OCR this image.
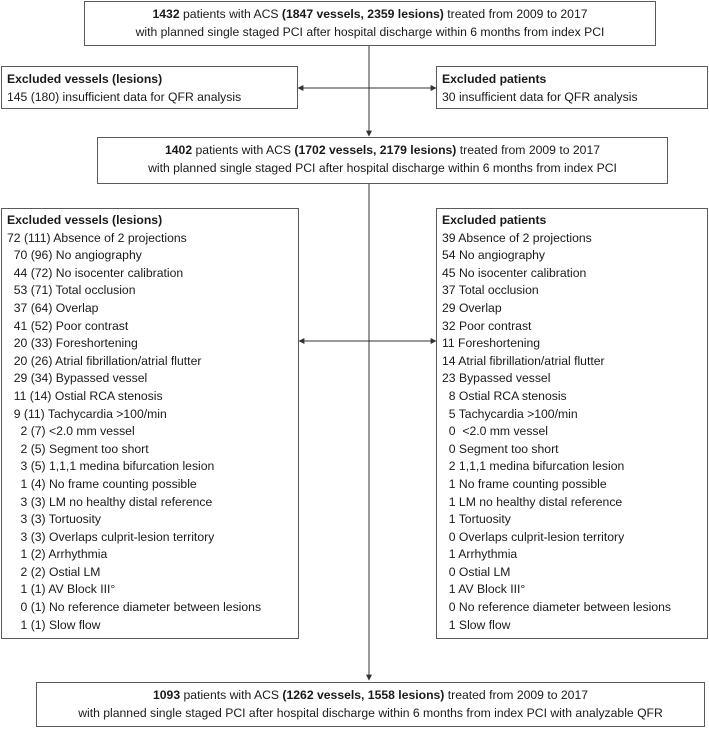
1432 patients with ACS (1847 vessels, 2359 lesions) treated from 2009 to 2017
with planned single staged PCI after hospital discharge within 6 months from index PCI
Excluded vessels (lesions)
145 (180) insufficient data for QFR analysis
Excluded patients
30 insufficient data for QFR analysis
1402 patients with ACS (1702 vessels, 2179 lesions) treated from 2009 to 2017
with planned single staged PCI after hospital discharge within 6 months from index PCI
Excluded vessels (lesions)
72 (111) Absence of 2 projections
70 (96) No angiography
44 (72) No isocenter calibration
53 (71) Total occlusion
37 (64) Overlap
41 (52) Poor contrast
20 (33) Foreshortening
20 (26) Atrial fibrillation/atrial flutter
29 (34) Bypassed vessel
11 (14) Ostial RCA stenosis
9 (11) Tachycardia >100/min
2 (7) <2.0 mm vessel
2 (5) Segment too short
3 (5) 1,1,1 medina bifurcation lesion
1 (4) No frame counting possible
3 (3) LM no healthy distal reference
3 (3) Tortuosity
3 (3) Overlaps culprit-lesion territory
1 (2) Arrhythmia
2 (2) Ostial LM
1 (1) AV Block III°
0 (1) No reference diameter between lesions
1 (1) Slow flow
Excluded patients
39 Absence of 2 projections
54 No angiography
45 No isocenter calibration
37 Total occlusion
29 Overlap
32 Poor contrast
11 Foreshortening
14 Atrial fibrillation/atrial flutter
23 Bypassed vessel
8 Ostial RCA stenosis
5 Tachycardia >100/min
0  <2.0 mm vessel
0 Segment too short
2 1,1,1 medina bifurcation lesion
1 No frame counting possible
1 LM no healthy distal reference
1 Tortuosity
0 Overlaps culprit-lesion territory
1 Arrhythmia
0 Ostial LM
1 AV Block III°
0 No reference diameter between lesions
1 Slow flow
1093 patients with ACS (1262 vessels, 1558 lesions) treated from 2009 to 2017
with planned single staged PCI after hospital discharge within 6 months from index PCI with analyzable QFR
